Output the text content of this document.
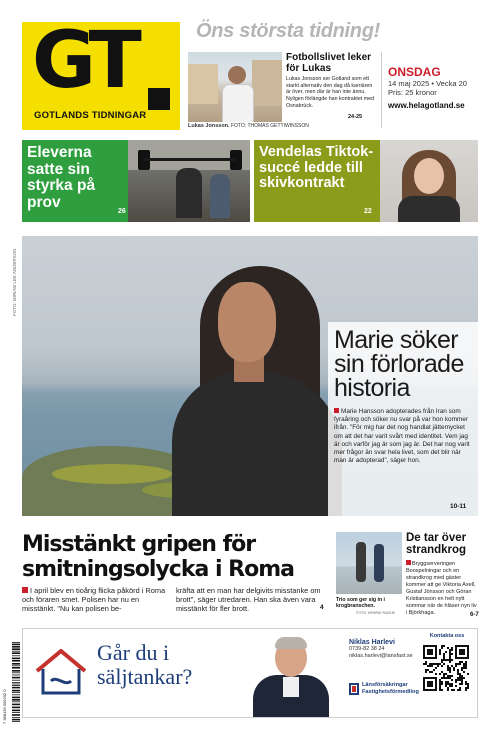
GT
GOTLANDS TIDNINGAR
Öns största tidning!
Lukas Jonsson. FOTO: THOMAS GETTIWINSSON
Fotbollslivet leker för Lukas
Lukas Jonsson ser Gotland som ett starkt alternativ den dag då karriären är över, men där är han inte ännu. Nyligen förlängde han kontraktet med Osnabrück.
24-25
ONSDAG
14 maj 2025 • Vecka 20
Pris: 25 kronor
www.helagotland.se
Eleverna satte sin styrka på prov
26
Vendelas Tiktok-succé ledde till skivkontrakt
22
FOTO: MIRIAM LEE ANDERSON
Marie söker sin förlorade historia
Marie Hansson adopterades från Iran som fyraåring och söker nu svar på var hon kommer ifrån. "För mig har det nog handlat jättemycket om att det har varit svårt med identitet. Vem jag är och varför jag är som jag är. Det har nog varit mer frågor än svar hela livet, som det blir när man är adopterad", säger hon.
10-11
Misstänkt gripen för smitningsolycka i Roma
I april blev en tioårig flicka påkörd i Roma och föraren smet. Polisen har nu en misstänkt. "Nu kan polisen be-
kräfta att en man har delgivits misstanke om brott", säger utredaren. Han ska även vara misstänkt för fler brott.	4
Trio som ger sig in i krogbranschen.
FOTO: HENRIK RADHE
De tar över strandkrog
Bryggserveringen Boospelningar och en strandkrog med gäster kommer att ge Viktoria Axell, Gustaf Jönsson och Göran Kristiansson en helt nytt sommar när de hläser nyn liv i Björkhaga.	6-7
Går du i säljtankar?
Niklas Harlevi
0739-82 38 24
niklas.harlevi@lansfast.se
Länsförsäkringar Fastighetsförmedling
Kontakta oss
7 388139 005202 0
